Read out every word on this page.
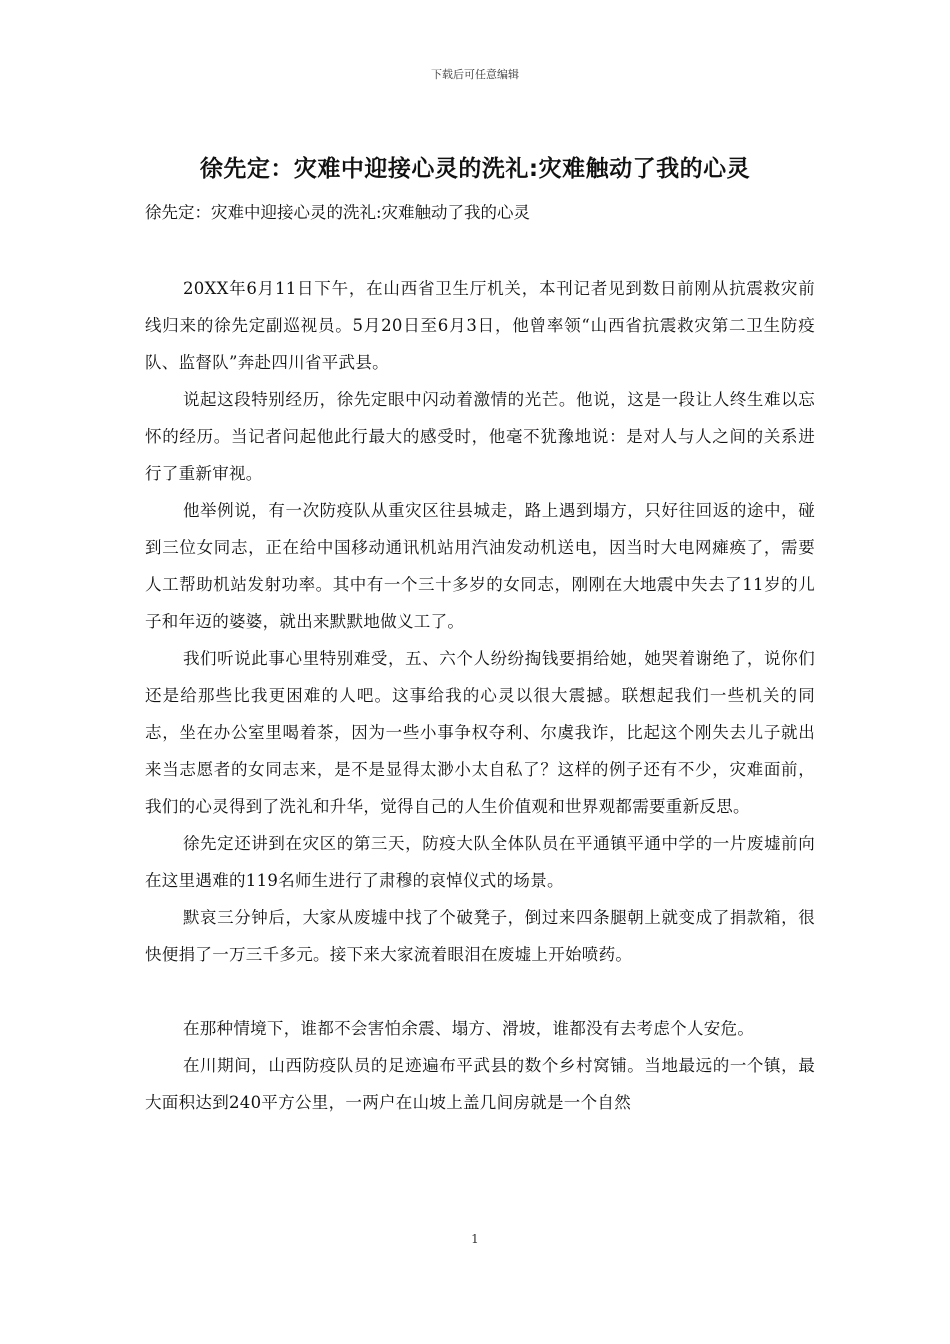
下载后可任意编辑
徐先定：灾难中迎接心灵的洗礼:灾难触动了我的心灵
徐先定：灾难中迎接心灵的洗礼:灾难触动了我的心灵

20XX年6月11日下午，在山西省卫生厅机关，本刊记者见到数日前刚从抗震救灾前线归来的徐先定副巡视员。5月20日至6月3日，他曾率领“山西省抗震救灾第二卫生防疫队、监督队”奔赴四川省平武县。

说起这段特别经历，徐先定眼中闪动着激情的光芒。他说，这是一段让人终生难以忘怀的经历。当记者问起他此行最大的感受时，他毫不犹豫地说：是对人与人之间的关系进行了重新审视。

他举例说，有一次防疫队从重灾区往县城走，路上遇到塌方，只好往回返的途中，碰到三位女同志，正在给中国移动通讯机站用汽油发动机送电，因当时大电网瘫痪了，需要人工帮助机站发射功率。其中有一个三十多岁的女同志，刚刚在大地震中失去了11岁的儿子和年迈的婆婆，就出来默默地做义工了。

我们听说此事心里特别难受，五、六个人纷纷掏钱要捐给她，她哭着谢绝了，说你们还是给那些比我更困难的人吧。这事给我的心灵以很大震撼。联想起我们一些机关的同志，坐在办公室里喝着茶，因为一些小事争权夺利、尔虞我诈，比起这个刚失去儿子就出来当志愿者的女同志来，是不是显得太渺小太自私了？这样的例子还有不少，灾难面前，我们的心灵得到了洗礼和升华，觉得自己的人生价值观和世界观都需要重新反思。

徐先定还讲到在灾区的第三天，防疫大队全体队员在平通镇平通中学的一片废墟前向在这里遇难的119名师生进行了肃穆的哀悼仪式的场景。

默哀三分钟后，大家从废墟中找了个破凳子，倒过来四条腿朝上就变成了捐款箱，很快便捐了一万三千多元。接下来大家流着眼泪在废墟上开始喷药。

在那种情境下，谁都不会害怕余震、塌方、滑坡，谁都没有去考虑个人安危。

在川期间，山西防疫队员的足迹遍布平武县的数个乡村窝铺。当地最远的一个镇，最大面积达到240平方公里，一两户在山坡上盖几间房就是一个自然

1
